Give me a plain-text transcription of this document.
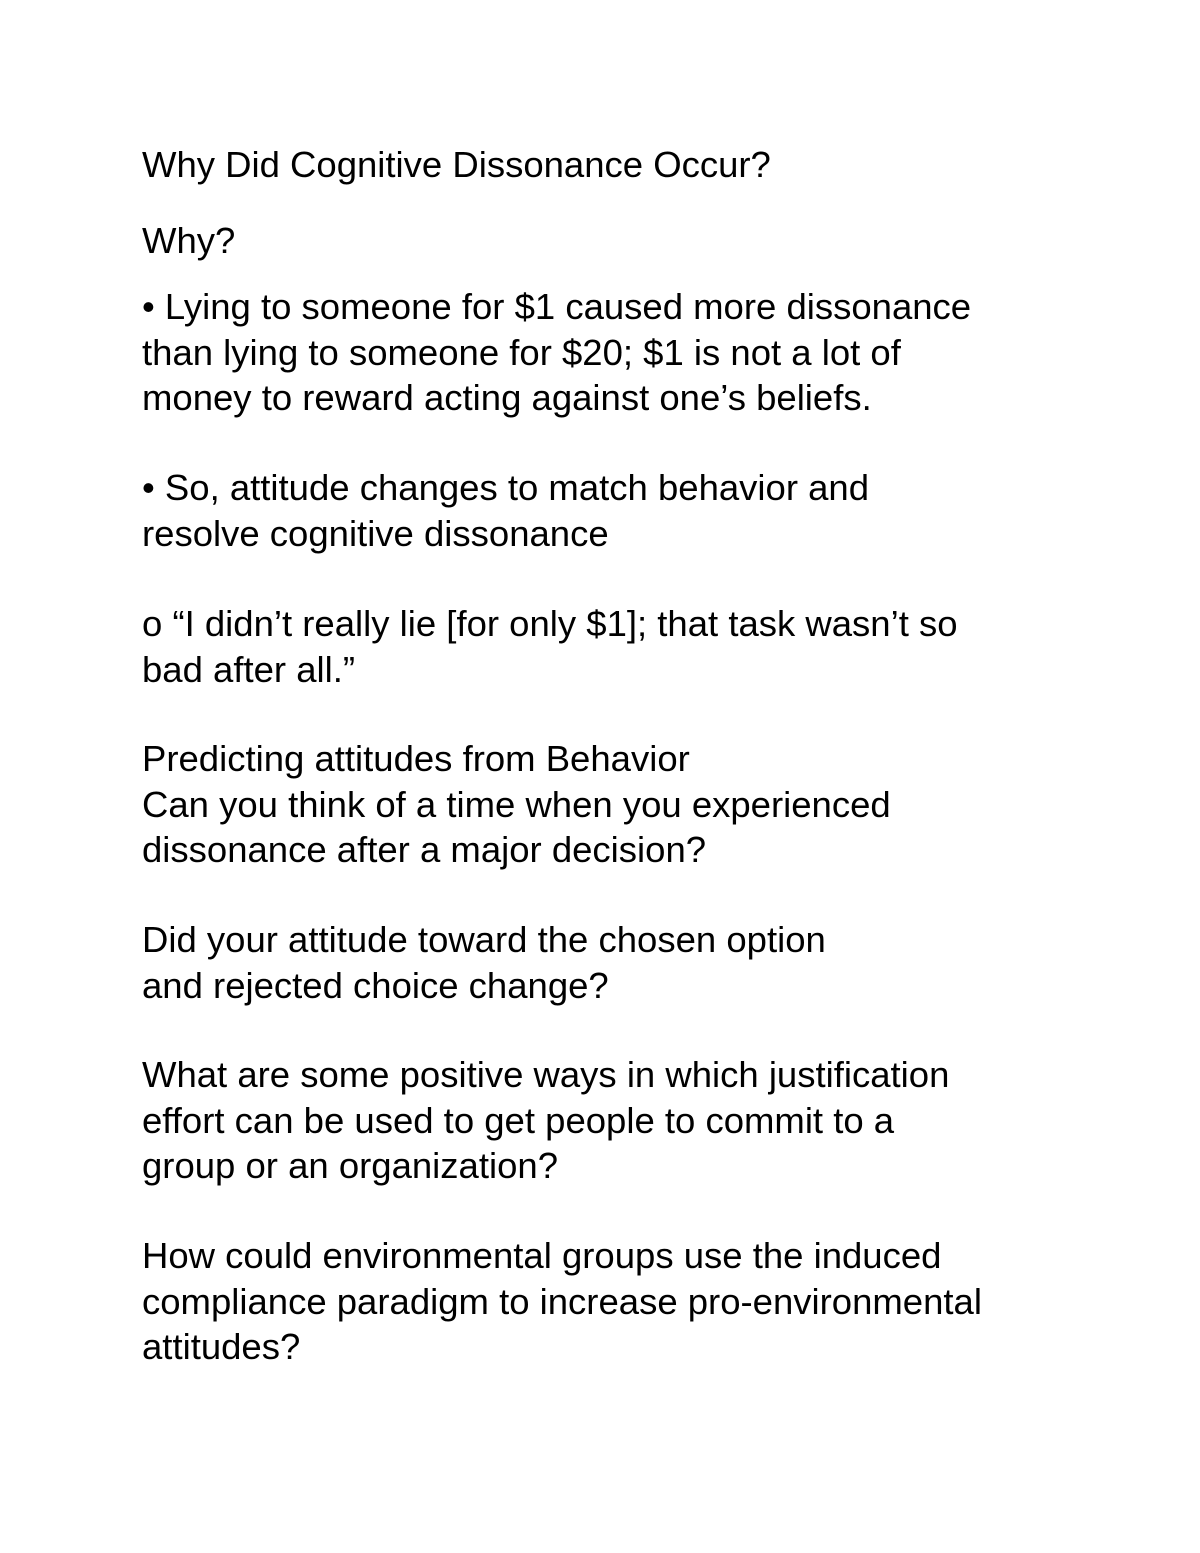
Why Did Cognitive Dissonance Occur?
Why?

• Lying to someone for $1 caused more dissonance
than lying to someone for $20; $1 is not a lot of
money to reward acting against one’s beliefs.

• So, attitude changes to match behavior and
resolve cognitive dissonance

o “I didn’t really lie [for only $1]; that task wasn’t so
bad after all.”

Predicting attitudes from Behavior
Can you think of a time when you experienced
dissonance after a major decision?

Did your attitude toward the chosen option
and rejected choice change?

What are some positive ways in which justification
effort can be used to get people to commit to a
group or an organization?

How could environmental groups use the induced
compliance paradigm to increase pro-environmental
attitudes?
